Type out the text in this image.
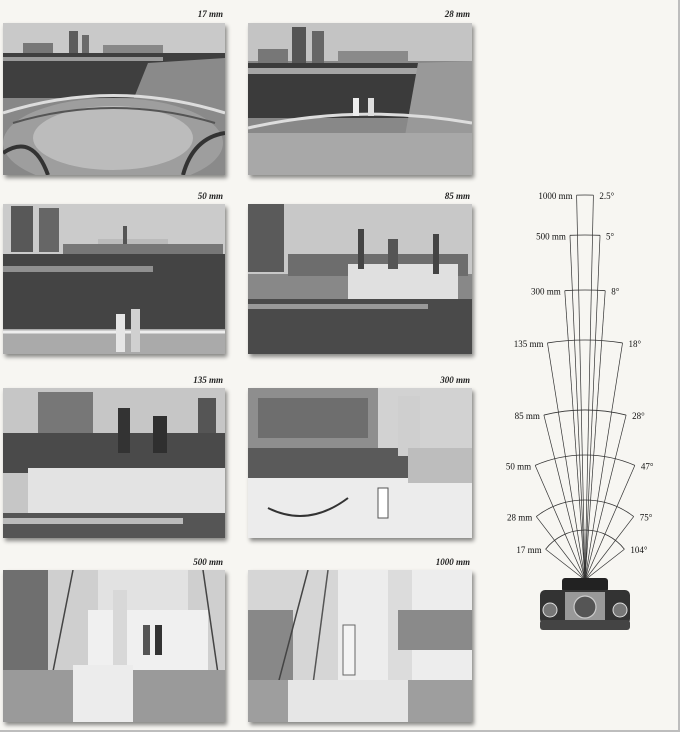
17 mm	28 mm
50 mm	85 mm
135 mm	300 mm
500 mm	1000 mm
1000 mm	2.5°
500 mm	5°
300 mm	8°
135 mm	18°
85 mm	28°
50 mm	47°
28 mm	75°
17 mm	104°
